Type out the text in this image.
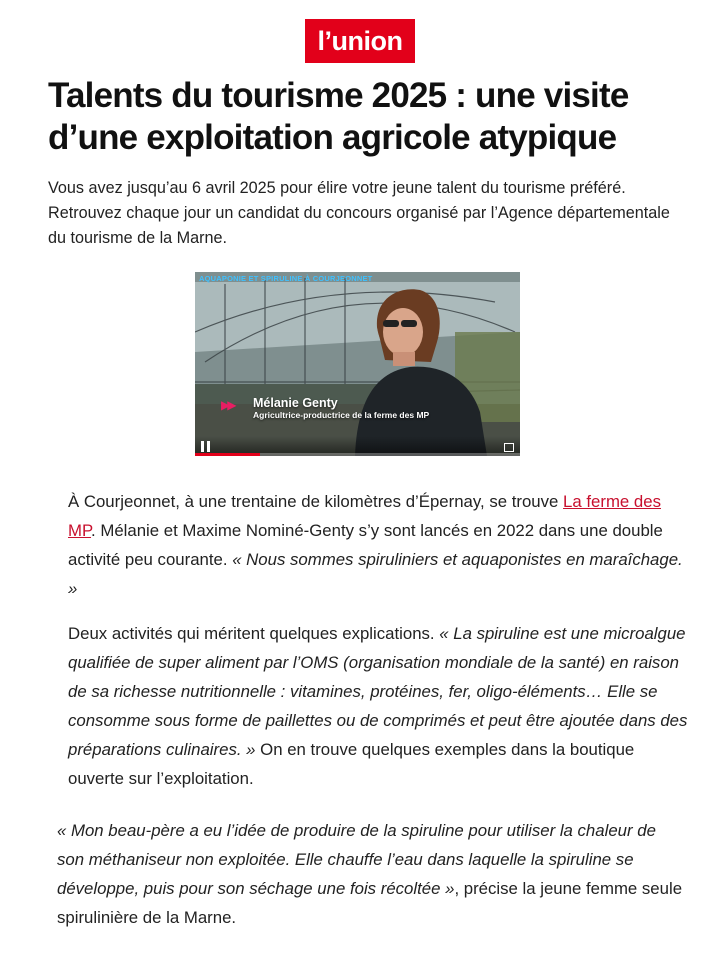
l’union
Talents du tourisme 2025 : une visite d’une exploitation agricole atypique

Vous avez jusqu’au 6 avril 2025 pour élire votre jeune talent du tourisme préféré. Retrouvez chaque jour un candidat du concours organisé par l’Agence départementale du tourisme de la Marne.

AQUAPONIE ET SPIRULINE À COURJEONNET
▶▶ Mélanie Genty
Agricultrice-productrice de la ferme des MP

À Courjeonnet, à une trentaine de kilomètres d’Épernay, se trouve La ferme des MP. Mélanie et Maxime Nominé-Genty s’y sont lancés en 2022 dans une double activité peu courante. « Nous sommes spiruliniers et aquaponistes en maraîchage. »

Deux activités qui méritent quelques explications. « La spiruline est une microalgue qualifiée de super aliment par l’OMS (organisation mondiale de la santé) en raison de sa richesse nutritionnelle : vitamines, protéines, fer, oligo-éléments… Elle se consomme sous forme de paillettes ou de comprimés et peut être ajoutée dans des préparations culinaires. » On en trouve quelques exemples dans la boutique ouverte sur l’exploitation.

« Mon beau-père a eu l’idée de produire de la spiruline pour utiliser la chaleur de son méthaniseur non exploitée. Elle chauffe l’eau dans laquelle la spiruline se développe, puis pour son séchage une fois récoltée », précise la jeune femme seule spirulinière de la Marne.
